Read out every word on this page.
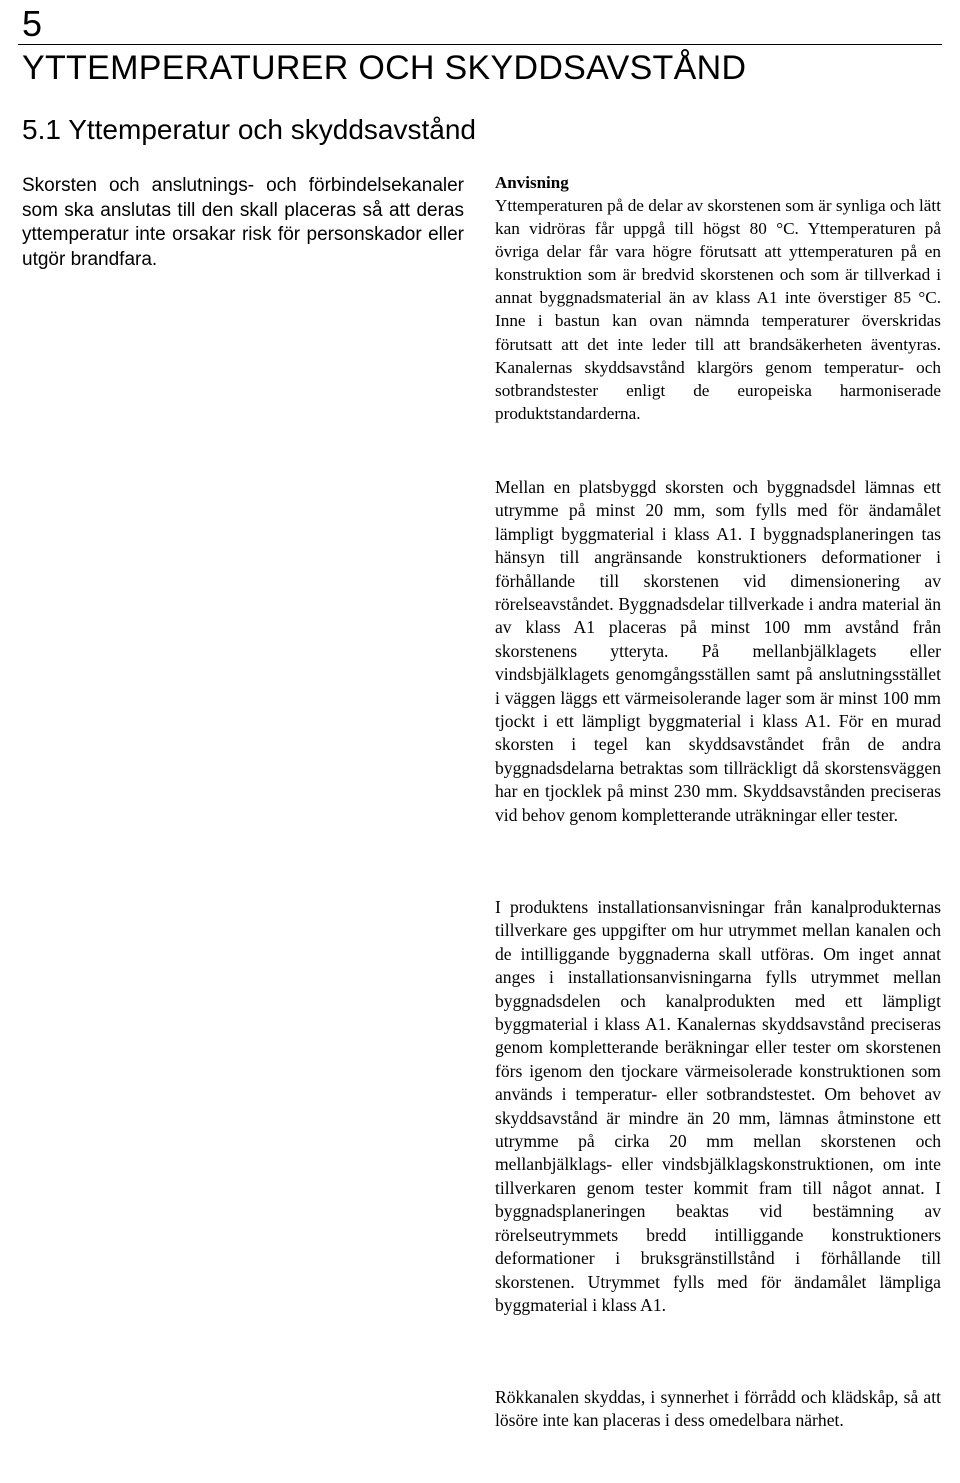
5
YTTEMPERATURER OCH SKYDDSAVSTÅND
5.1 Yttemperatur och skyddsavstånd

Skorsten och anslutnings- och förbindelsekanaler som ska anslutas till den skall placeras så att deras yttemperatur inte orsakar risk för personskador eller utgör brandfara.

Anvisning

Yttemperaturen på de delar av skorstenen som är synliga och lätt kan vidröras får uppgå till högst 80 °C. Yttemperaturen på övriga delar får vara högre förutsatt att yttemperaturen på en konstruktion som är bredvid skorstenen och som är tillverkad i annat byggnadsmaterial än av klass A1 inte överstiger 85 °C. Inne i bastun kan ovan nämnda temperaturer överskridas förutsatt att det inte leder till att brandsäkerheten äventyras. Kanalernas skyddsavstånd klargörs genom temperatur- och sotbrandstester enligt de europeiska harmoniserade produktstandarderna.

Mellan en platsbyggd skorsten och byggnadsdel lämnas ett utrymme på minst 20 mm, som fylls med för ändamålet lämpligt byggmaterial i klass A1. I byggnadsplaneringen tas hänsyn till angränsande konstruktioners deformationer i förhållande till skorstenen vid dimensionering av rörelseavståndet. Byggnadsdelar tillverkade i andra material än av klass A1 placeras på minst 100 mm avstånd från skorstenens ytteryta. På mellanbjälklagets eller vindsbjälklagets genomgångsställen samt på anslutningsstället i väggen läggs ett värmeisolerande lager som är minst 100 mm tjockt i ett lämpligt byggmaterial i klass A1. För en murad skorsten i tegel kan skyddsavståndet från de andra byggnadsdelarna betraktas som tillräckligt då skorstensväggen har en tjocklek på minst 230 mm. Skyddsavstånden preciseras vid behov genom kompletterande uträkningar eller tester.

I produktens installationsanvisningar från kanalprodukternas tillverkare ges uppgifter om hur utrymmet mellan kanalen och de intilliggande byggnaderna skall utföras. Om inget annat anges i installationsanvisningarna fylls utrymmet mellan byggnadsdelen och kanalprodukten med ett lämpligt byggmaterial i klass A1. Kanalernas skyddsavstånd preciseras genom kompletterande beräkningar eller tester om skorstenen förs igenom den tjockare värmeisolerade konstruktionen som används i temperatur- eller sotbrandstestet. Om behovet av skyddsavstånd är mindre än 20 mm, lämnas åtminstone ett utrymme på cirka 20 mm mellan skorstenen och mellanbjälklags- eller vindsbjälklagskonstruktionen, om inte tillverkaren genom tester kommit fram till något annat. I byggnadsplaneringen beaktas vid bestämning av rörelseutrymmets bredd intilliggande konstruktioners deformationer i bruksgränstillstånd i förhållande till skorstenen. Utrymmet fylls med för ändamålet lämpliga byggmaterial i klass A1.

Rökkanalen skyddas, i synnerhet i förrådd och klädskåp, så att lösöre inte kan placeras i dess omedelbara närhet.
